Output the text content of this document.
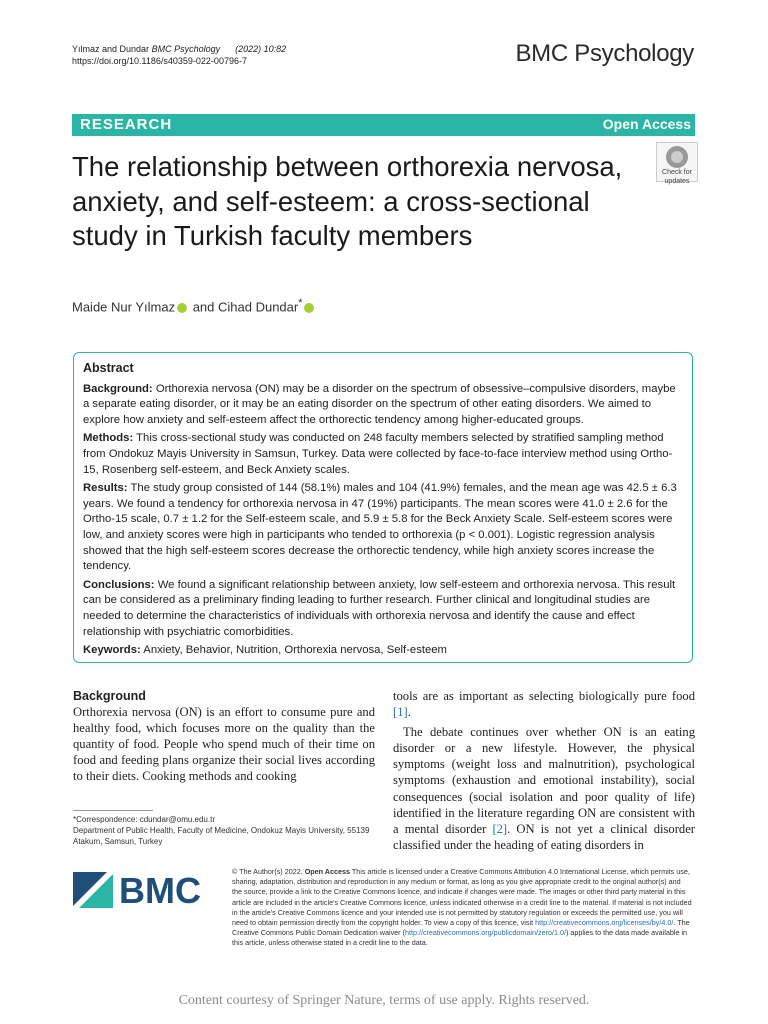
Yılmaz and Dundar BMC Psychology (2022) 10:82
https://doi.org/10.1186/s40359-022-00796-7	BMC Psychology
RESEARCH	Open Access
The relationship between orthorexia nervosa, anxiety, and self-esteem: a cross-sectional study in Turkish faculty members
Check for
updates
Maide Nur Yılmaz and Cihad Dundar*
Abstract

Background: Orthorexia nervosa (ON) may be a disorder on the spectrum of obsessive–compulsive disorders, maybe a separate eating disorder, or it may be an eating disorder on the spectrum of other eating disorders. We aimed to explore how anxiety and self-esteem affect the orthorectic tendency among higher-educated groups.

Methods: This cross-sectional study was conducted on 248 faculty members selected by stratified sampling method from Ondokuz Mayis University in Samsun, Turkey. Data were collected by face-to-face interview method using Ortho-15, Rosenberg self-esteem, and Beck Anxiety scales.

Results: The study group consisted of 144 (58.1%) males and 104 (41.9%) females, and the mean age was 42.5 ± 6.3 years. We found a tendency for orthorexia nervosa in 47 (19%) participants. The mean scores were 41.0 ± 2.6 for the Ortho-15 scale, 0.7 ± 1.2 for the Self-esteem scale, and 5.9 ± 5.8 for the Beck Anxiety Scale. Self-esteem scores were low, and anxiety scores were high in participants who tended to orthorexia (p < 0.001). Logistic regression analysis showed that the high self-esteem scores decrease the orthorectic tendency, while high anxiety scores increase the tendency.

Conclusions: We found a significant relationship between anxiety, low self-esteem and orthorexia nervosa. This result can be considered as a preliminary finding leading to further research. Further clinical and longitudinal studies are needed to determine the characteristics of individuals with orthorexia nervosa and identify the cause and effect relationship with psychiatric comorbidities.

Keywords: Anxiety, Behavior, Nutrition, Orthorexia nervosa, Self-esteem

Background

Orthorexia nervosa (ON) is an effort to consume pure and healthy food, which focuses more on the quality than the quantity of food. People who spend much of their time on food and feeding plans organize their social lives according to their diets. Cooking methods and cooking

tools are as important as selecting biologically pure food [1].

The debate continues over whether ON is an eating disorder or a new lifestyle. However, the physical symptoms (weight loss and malnutrition), psychological symptoms (exhaustion and emotional instability), social consequences (social isolation and poor quality of life) identified in the literature regarding ON are consistent with a mental disorder [2]. ON is not yet a clinical disorder classified under the heading of eating disorders in

*Correspondence: cdundar@omu.edu.tr
Department of Public Health, Faculty of Medicine, Ondokuz Mayis University, 55139 Atakum, Samsun, Turkey
BMC	© The Author(s) 2022. Open Access This article is licensed under a Creative Commons Attribution 4.0 International License, which permits use, sharing, adaptation, distribution and reproduction in any medium or format, as long as you give appropriate credit to the original author(s) and the source, provide a link to the Creative Commons licence, and indicate if changes were made. The images or other third party material in this article are included in the article's Creative Commons licence, unless indicated otherwise in a credit line to the material. If material is not included in the article's Creative Commons licence and your intended use is not permitted by statutory regulation or exceeds the permitted use, you will need to obtain permission directly from the copyright holder. To view a copy of this licence, visit http://creativecommons.org/licenses/by/4.0/. The Creative Commons Public Domain Dedication waiver (http://creativecommons.org/publicdomain/zero/1.0/) applies to the data made available in this article, unless otherwise stated in a credit line to the data.
Content courtesy of Springer Nature, terms of use apply. Rights reserved.
